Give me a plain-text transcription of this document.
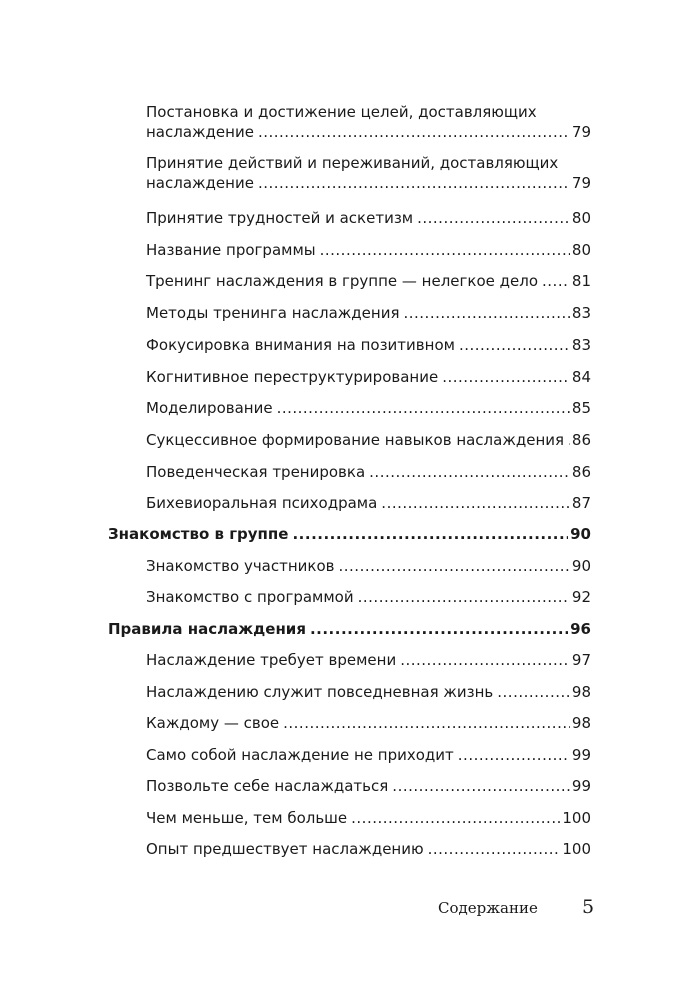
Постановка и достижение целей, доставляющих
наслаждение .....	79
Принятие действий и переживаний, доставляющих
наслаждение .....	79
Принятие трудностей и аскетизм .....	80
Название программы .....	80
Тренинг наслаждения в группе — нелегкое дело ..... 81
Методы тренинга наслаждения .....	83
Фокусировка внимания на позитивном .....	83
Когнитивное переструктурирование .....	84
Моделирование .....	85
Сукцессивное формирование навыков наслаждения ..... 86
Поведенческая тренировка .....	86
Бихевиоральная психодрама .....	87
Знакомство в группе .....	90
Знакомство участников .....	90
Знакомство с программой .....	92
Правила наслаждения .....	96
Наслаждение требует времени .....	97
Наслаждению служит повседневная жизнь .....	98
Каждому — свое .....	98
Само собой наслаждение не приходит .....	99
Позвольте себе наслаждаться .....	99
Чем меньше, тем больше .....	100
Опыт предшествует наслаждению .....	100
Содержание 5
